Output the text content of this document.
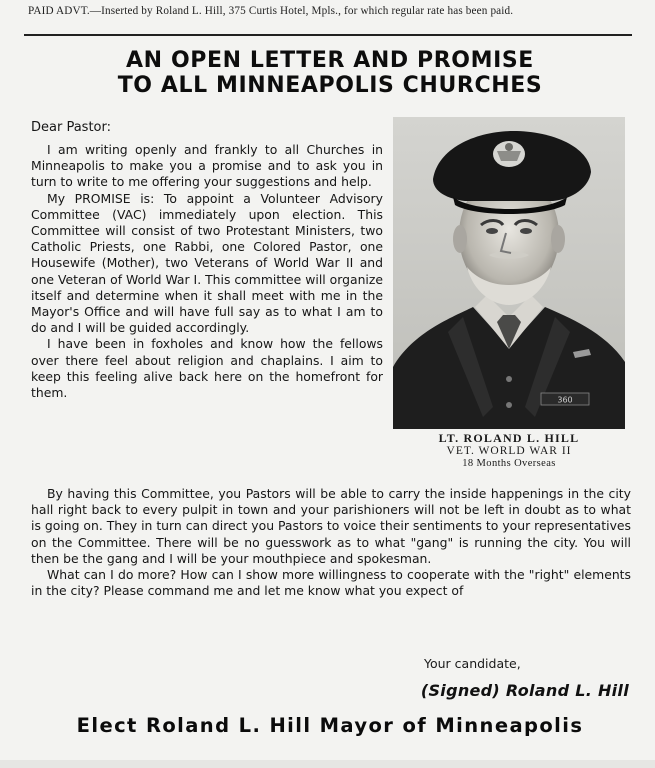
PAID ADVT.—Inserted by Roland L. Hill, 375 Curtis Hotel, Mpls., for which regular rate has been paid.
AN OPEN LETTER AND PROMISE
TO ALL MINNEAPOLIS CHURCHES
Dear Pastor:

I am writing openly and frankly to all Churches in Minneapolis to make you a promise and to ask you in turn to write to me offering your suggestions and help.

My PROMISE is: To appoint a Volunteer Advisory Committee (VAC) immediately upon election. This Committee will consist of two Protestant Ministers, two Catholic Priests, one Rabbi, one Colored Pastor, one Housewife (Mother), two Veterans of World War II and one Veteran of World War I. This committee will organize itself and determine when it shall meet with me in the Mayor's Office and will have full say as to what I am to do and I will be guided accordingly.

I have been in foxholes and know how the fellows over there feel about religion and chaplains. I aim to keep this feeling alive back here on the homefront for them.	360
LT. ROLAND L. HILL
VET. WORLD WAR II
18 Months Overseas

By having this Committee, you Pastors will be able to carry the inside happenings in the city hall right back to every pulpit in town and your parishioners will not be left in doubt as to what is going on. They in turn can direct you Pastors to voice their sentiments to your representatives on the Committee. There will be no guesswork as to what "gang" is running the city. You will then be the gang and I will be your mouthpiece and spokesman.

What can I do more? How can I show more willingness to cooperate with the "right" elements in the city? Please command me and let me know what you expect of

Your candidate,
(Signed) Roland L. Hill
Elect Roland L. Hill Mayor of Minneapolis
